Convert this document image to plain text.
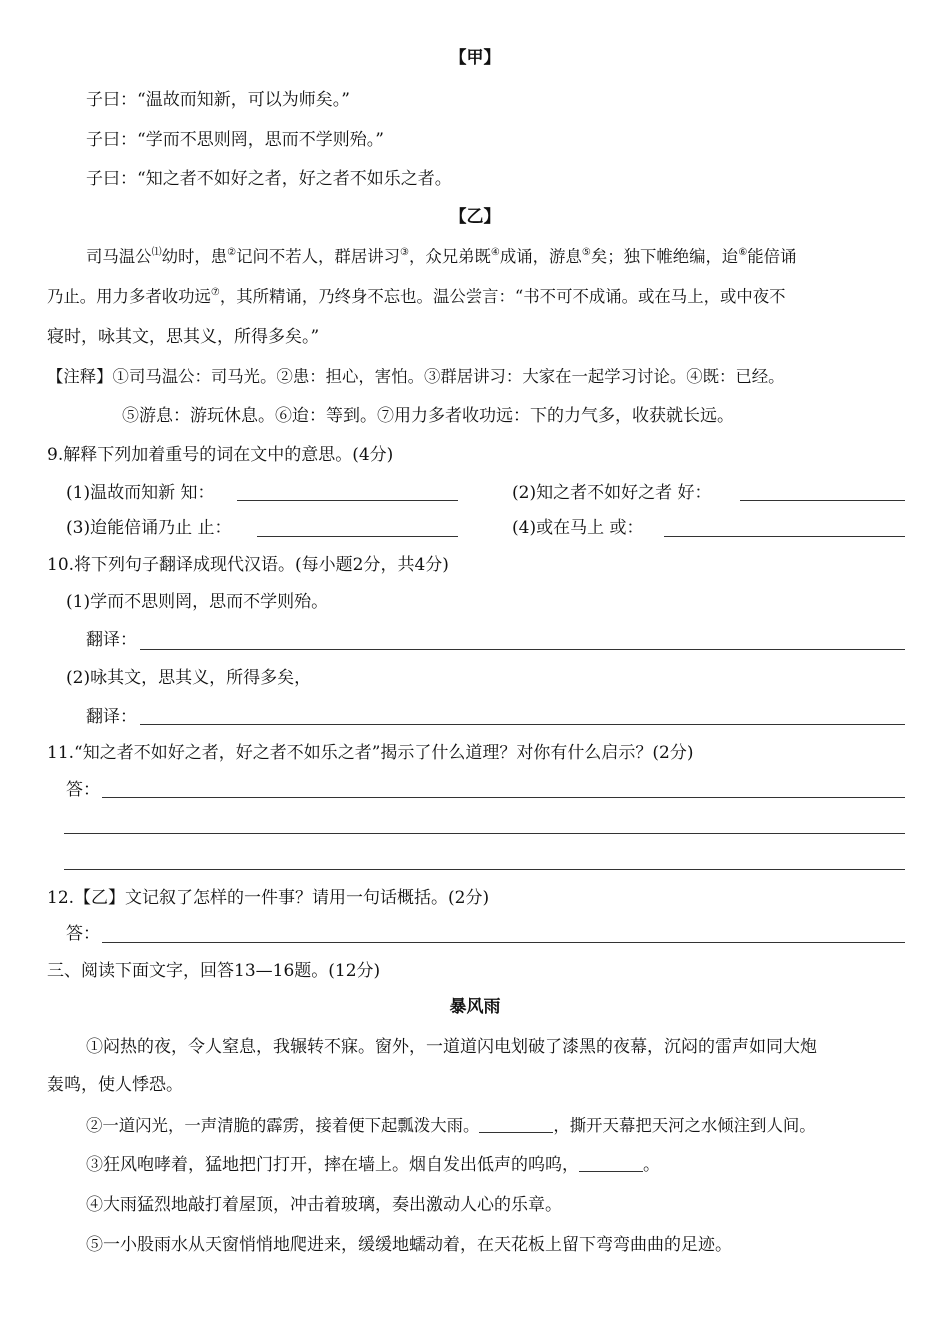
【甲】
子曰：“温故而知新，可以为师矣。”
子曰：“学而不思则罔，思而不学则殆。”
子曰：“知之者不如好之者，好之者不如乐之者。
【乙】
司马温公⑴幼时，患②记问不若人，群居讲习③，众兄弟既④成诵，游息⑤矣；独下帷绝编，迨⑥能倍诵
乃止。用力多者收功远⑦，其所精诵，乃终身不忘也。温公尝言：“书不可不成诵。或在马上，或中夜不
寝时，咏其文，思其义，所得多矣。”
【注释】①司马温公：司马光。②患：担心，害怕。③群居讲习：大家在一起学习讨论。④既：已经。
⑤游息：游玩休息。⑥迨：等到。⑦用力多者收功远：下的力气多，收获就长远。
9.解释下列加着重号的词在文中的意思。(4分)
(1)温故而知新 知：	(2)知之者不如好之者 好：
(3)迨能倍诵乃止 止：	(4)或在马上 或：
10.将下列句子翻译成现代汉语。(每小题2分，共4分)
(1)学而不思则罔，思而不学则殆。
翻译：
(2)咏其文，思其义，所得多矣，
翻译：
11.“知之者不如好之者，好之者不如乐之者”揭示了什么道理？对你有什么启示？(2分)
答：
12.【乙】文记叙了怎样的一件事？请用一句话概括。(2分)
答：
三、阅读下面文字，回答13—16题。(12分)
暴风雨
①闷热的夜，令人窒息，我辗转不寐。窗外，一道道闪电划破了漆黑的夜幕，沉闷的雷声如同大炮
轰鸣，使人悸恐。
②一道闪光，一声清脆的霹雳，接着便下起瓢泼大雨。	，撕开天幕把天河之水倾注到人间。
③狂风咆哮着，猛地把门打开，摔在墙上。烟自发出低声的呜呜，	。
④大雨猛烈地敲打着屋顶，冲击着玻璃，奏出激动人心的乐章。
⑤一小股雨水从天窗悄悄地爬进来，缓缓地蠕动着，在天花板上留下弯弯曲曲的足迹。
